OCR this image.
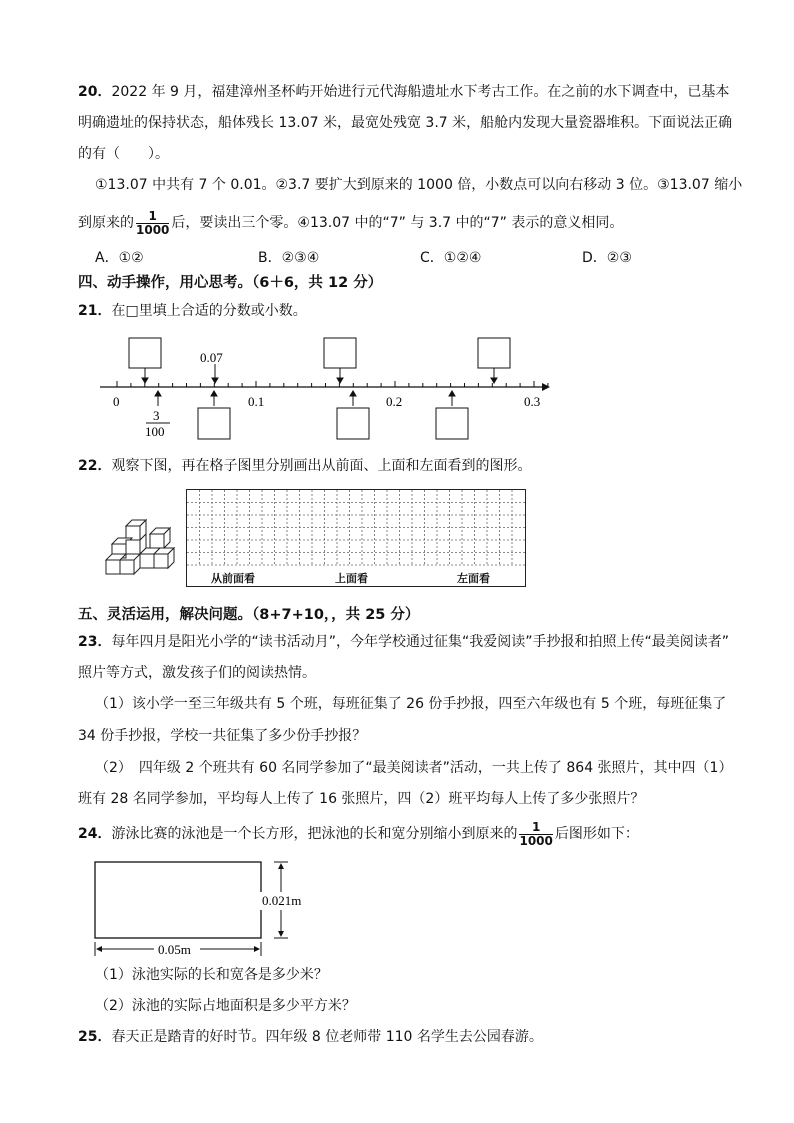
20．2022 年 9 月，福建漳州圣杯屿开始进行元代海船遗址水下考古工作。在之前的水下调查中，已基本
明确遗址的保持状态，船体残长 13.07 米，最宽处残宽 3.7 米，船舱内发现大量瓷器堆积。下面说法正确
的有（　　）。
①13.07 中共有 7 个 0.01。②3.7 要扩大到原来的 1000 倍，小数点可以向右移动 3 位。③13.07 缩小
到原来的 $\frac{1}{1000}$ 后，要读出三个零。④13.07 中的“7” 与 3.7 中的“7” 表示的意义相同。
A．①②	B．②③④	C．①②④	D．②③
四、动手操作，用心思考。（6＋6，共 12 分）
21．在□里填上合适的分数或小数。
0.07
0	0.1	0.2	0.3
3
100
22．观察下图，再在格子图里分别画出从前面、上面和左面看到的图形。
从前面看	上面看	左面看
五、灵活运用，解决问题。（8+7+10，，共 25 分）
23．每年四月是阳光小学的“读书活动月”，今年学校通过征集“我爱阅读”手抄报和拍照上传“最美阅读者”
照片等方式，激发孩子们的阅读热情。
（1）该小学一至三年级共有 5 个班，每班征集了 26 份手抄报，四至六年级也有 5 个班，每班征集了
34 份手抄报，学校一共征集了多少份手抄报？
（2）　四年级 2 个班共有 60 名同学参加了“最美阅读者”活动，一共上传了 864 张照片，其中四（1）
班有 28 名同学参加，平均每人上传了 16 张照片，四（2）班平均每人上传了多少张照片？
24．游泳比赛的泳池是一个长方形，把泳池的长和宽分别缩小到原来的 $\frac{1}{1000}$ 后图形如下：
0.021m
0.05m
（1）泳池实际的长和宽各是多少米？
（2）泳池的实际占地面积是多少平方米？
25．春天正是踏青的好时节。四年级 8 位老师带 110 名学生去公园春游。
